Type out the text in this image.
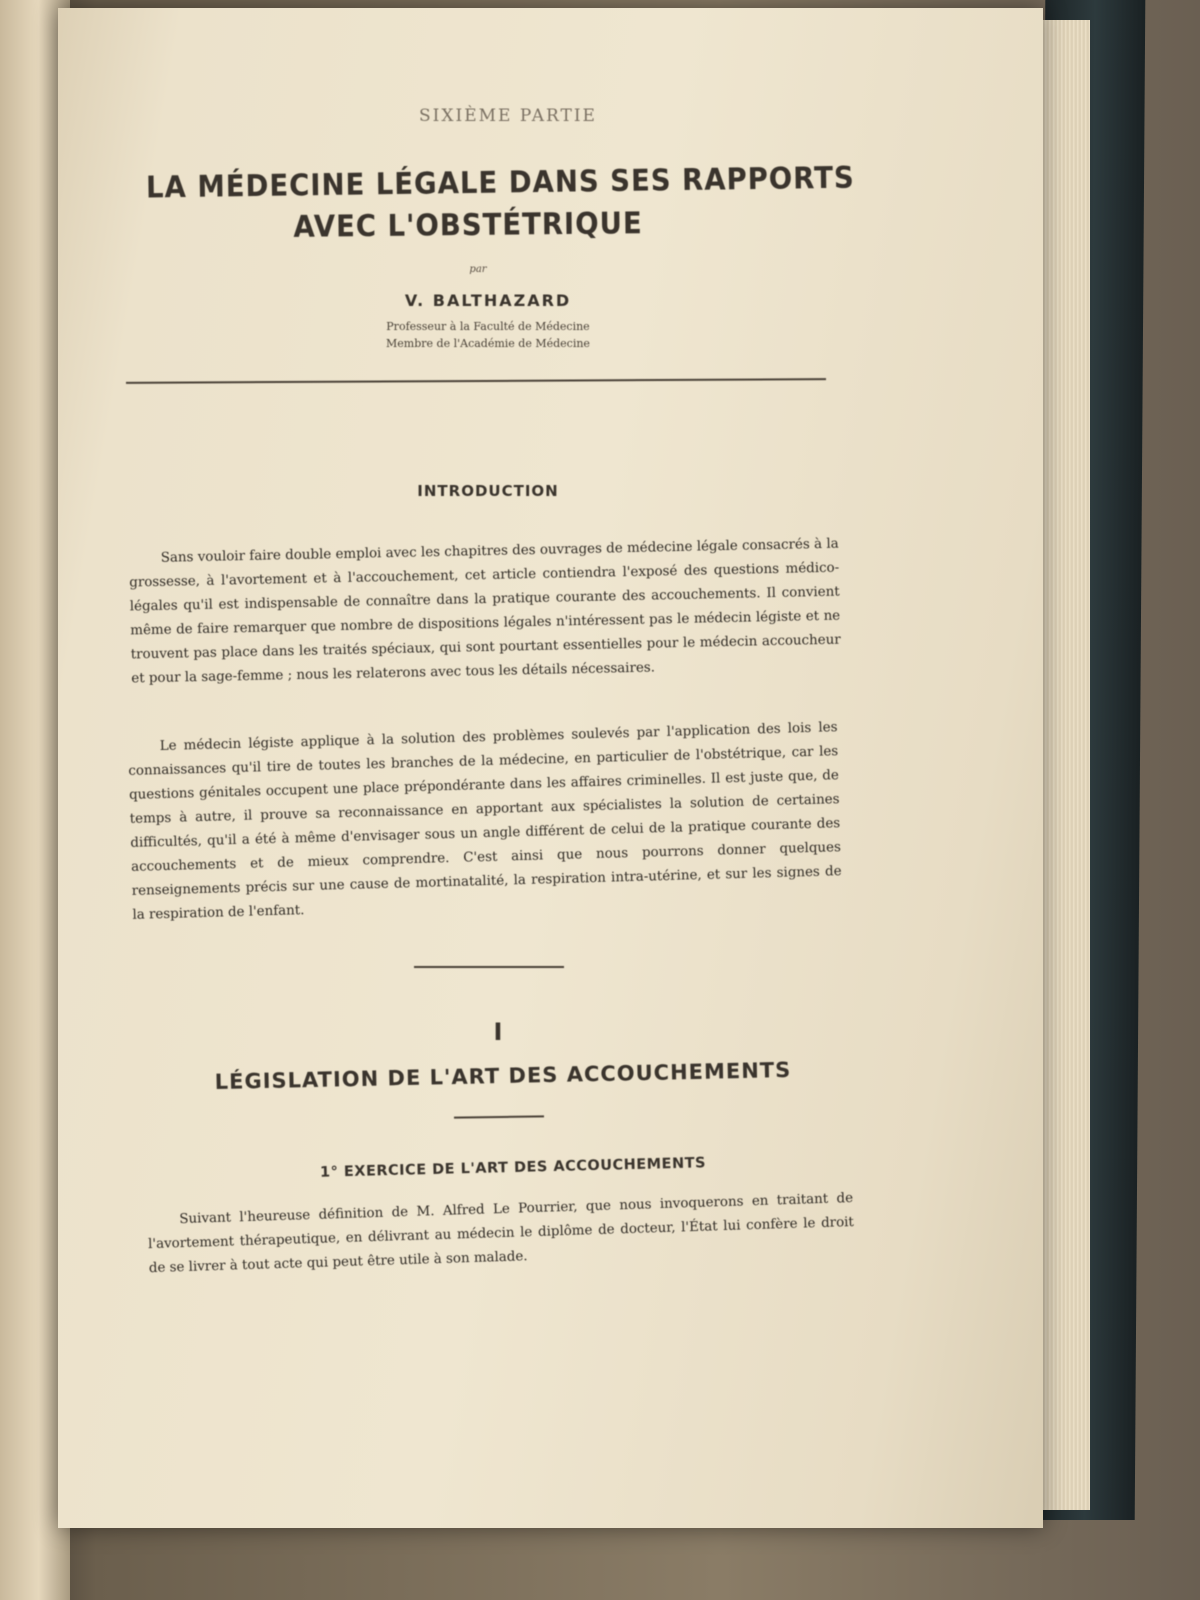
SIXIÈME PARTIE
LA MÉDECINE LÉGALE DANS SES RAPPORTS
AVEC L'OBSTÉTRIQUE
par
V. BALTHAZARD
Professeur à la Faculté de Médecine
Membre de l'Académie de Médecine
INTRODUCTION
Sans vouloir faire double emploi avec les chapitres des ouvrages de médecine légale consacrés à la grossesse, à l'avortement et à l'accouchement, cet article contiendra l'exposé des questions médico-légales qu'il est indispensable de connaître dans la pratique courante des accouchements. Il convient même de faire remarquer que nombre de dispositions légales n'intéressent pas le médecin légiste et ne trouvent pas place dans les traités spéciaux, qui sont pourtant essentielles pour le médecin accoucheur et pour la sage-femme ; nous les relaterons avec tous les détails nécessaires.
Le médecin légiste applique à la solution des problèmes soulevés par l'application des lois les connaissances qu'il tire de toutes les branches de la médecine, en particulier de l'obstétrique, car les questions génitales occupent une place prépondérante dans les affaires criminelles. Il est juste que, de temps à autre, il prouve sa reconnaissance en apportant aux spécialistes la solution de certaines difficultés, qu'il a été à même d'envisager sous un angle différent de celui de la pratique courante des accouchements et de mieux comprendre. C'est ainsi que nous pourrons donner quelques renseignements précis sur une cause de mortinatalité, la respiration intra-utérine, et sur les signes de la respiration de l'enfant.
I
LÉGISLATION DE L'ART DES ACCOUCHEMENTS
1° EXERCICE DE L'ART DES ACCOUCHEMENTS
Suivant l'heureuse définition de M. Alfred Le Pourrier, que nous invoquerons en traitant de l'avortement thérapeutique, en délivrant au médecin le diplôme de docteur, l'État lui confère le droit de se livrer à tout acte qui peut être utile à son malade.
